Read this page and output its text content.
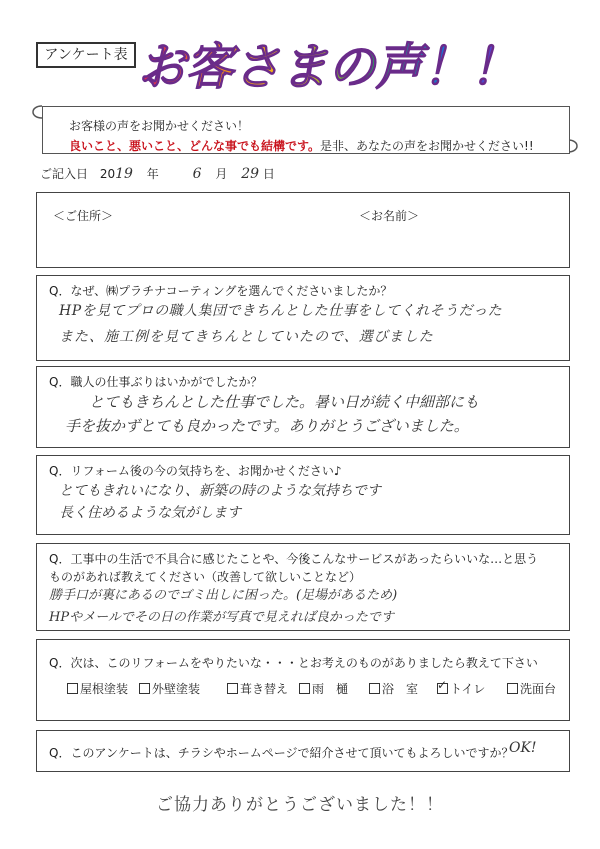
アンケート表 お客さまの声！！
お客様の声をお聞かせください！
良いこと、悪いこと、どんな事でも結構です。是非、あなたの声をお聞かせください!!
ご記入日 2019 年 6 月 29 日
＜ご住所＞	＜お名前＞
Q．なぜ、㈱プラチナコーティングを選んでくださいましたか？
HPを見てプロの職人集団できちんとした仕事をしてくれそうだった
また、施工例を見てきちんとしていたので、選びました
Q．職人の仕事ぶりはいかがでしたか？
とてもきちんとした仕事でした。暑い日が続く中細部にも
手を抜かずとても良かったです。ありがとうございました。
Q．リフォーム後の今の気持ちを、お聞かせください♪
とてもきれいになり、新築の時のような気持ちです
長く住めるような気がします
Q．工事中の生活で不具合に感じたことや、今後こんなサービスがあったらいいな…と思う
ものがあれば教えてください（改善して欲しいことなど）
勝手口が裏にあるのでゴミ出しに困った。(足場があるため)
HPやメールでその日の作業が写真で見えれば良かったです
Q．次は、このリフォームをやりたいな・・・とお考えのものがありましたら教えて下さい
屋根塗装	外壁塗装	葺き替え	雨　樋	浴　室
✓	トイレ	洗面台
Q．このアンケートは、チラシやホームページで紹介させて頂いてもよろしいですか？
OK!
ご協力ありがとうございました！！
